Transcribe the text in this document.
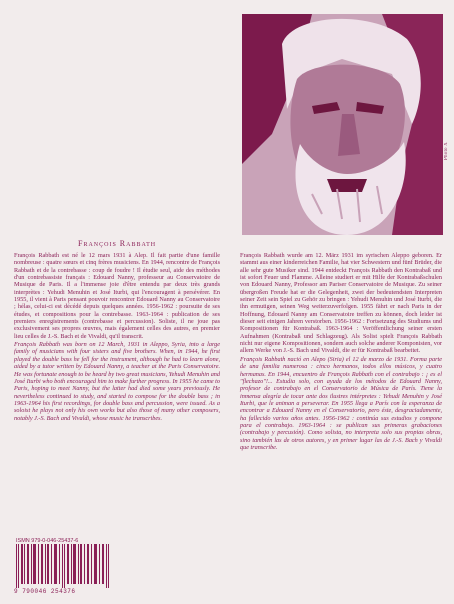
Photo X
François Rabbath

François Rabbath est né le 12 mars 1931 à Alep. Il fait partie d'une famille nombreuse : quatre sœurs et cinq frères musiciens. En 1944, rencontre de François Rabbath et de la contrebasse : coup de foudre ! Il étudie seul, aide des méthodes d'un contrebassiste français : Edouard Nanny, professeur au Conservatoire de Musique de Paris. Il a l'immense joie d'être entendu par deux très grands interprètes : Yehudi Menuhin et José Iturbi, qui l'encouragent à persévérer. En 1955, il vient à Paris pensant pouvoir rencontrer Edouard Nanny au Conservatoire ; hélas, celui-ci est décédé depuis quelques années. 1956-1962 : poursuite de ses études, et compositions pour la contrebasse. 1963-1964 : publication de ses premiers enregistrements (contrebasse et percussion). Soliste, il ne joue pas exclusivement ses propres œuvres, mais également celles des autres, en premier lieu celles de J.-S. Bach et de Vivaldi, qu'il transcrit.

François Rabbath was born on 12 March, 1931 in Aleppo, Syria, into a large family of musicians with four sisters and five brothers. When, in 1944, he first played the double bass he fell for the instrument, although he had to learn alone, aided by a tutor written by Edouard Nanny, a teacher at the Paris Conservatoire. He was fortunate enough to be heard by two great musicians, Yehudi Menuhin and José Iturbi who both encouraged him to make further progress. In 1955 he came to Paris, hoping to meet Nanny, but the latter had died some years previously. He nevertheless continued to study, and started to compose for the double bass ; in 1963-1964 his first recordings, for double bass and percussion, were issued. As a soloist he plays not only his own works but also those of many other composers, notably J.-S. Bach and Vivaldi, whose music he transcribes.

François Rabbath wurde am 12. März 1931 im syrischen Aleppo geboren. Er stammt aus einer kinderreichen Familie, hat vier Schwestern und fünf Brüder, die alle sehr gute Musiker sind. 1944 entdeckt François Rabbath den Kontrabaß und ist sofort Feuer und Flamme. Alleine studiert er mit Hilfe der Kontrabaßschulen von Edouard Nanny, Professor am Pariser Conservatoire de Musique. Zu seiner übergroßen Freude hat er die Gelegenheit, zwei der bedeutendsten Interpreten seiner Zeit sein Spiel zu Gehör zu bringen : Yehudi Menuhin und José Iturbi, die ihn ermutigen, seinen Weg weiterzuverfolgen. 1955 fährt er nach Paris in der Hoffnung, Edouard Nanny am Conservatoire treffen zu können, doch leider ist dieser seit einigen Jahren verstorben. 1956-1962 : Fortsetzung des Studiums und Kompositionen für Kontrabaß. 1963-1964 : Veröffentlichung seiner ersten Aufnahmen (Kontrabaß und Schlagzeug). Als Solist spielt François Rabbath nicht nur eigene Kompositionen, sondern auch solche anderer Komponisten, vor allem Werke von J.-S. Bach und Vivaldi, die er für Kontrabaß bearbeitet.

François Rabbath nació en Alepo (Siria) el 12 de marzo de 1931. Forma parte de una familia numerosa : cinco hermanos, todos ellos músicos, y cuatro hermanas. En 1944, encuentro de François Rabbath con el contrabajo : ¡ es el "flechazo"!... Estudia solo, con ayuda de los métodos de Edouard Nanny, profesor de contrabajo en el Conservatorio de Música de París. Tiene la inmensa alegría de tocar ante dos ilustres intérpretes : Yehudi Menuhin y José Iturbi, que le animan a perseverar. En 1955 llega a París con la esperanza de encontrar a Edouard Nanny en el Conservatorio, pero éste, desgraciadamente, ha fallecido varios años antes. 1956-1962 : continúa sus estudios y compone para el contrabajo. 1963-1964 : se publican sus primeras grabaciones (contrabajo y percusión). Como solista, no interpreta solo sus propias obras, sino también las de otros autores, y en primer lugar las de J.-S. Bach y Vivaldi que transcribe.

ISMN 979-0-046-25437-6
9 790046 254376
